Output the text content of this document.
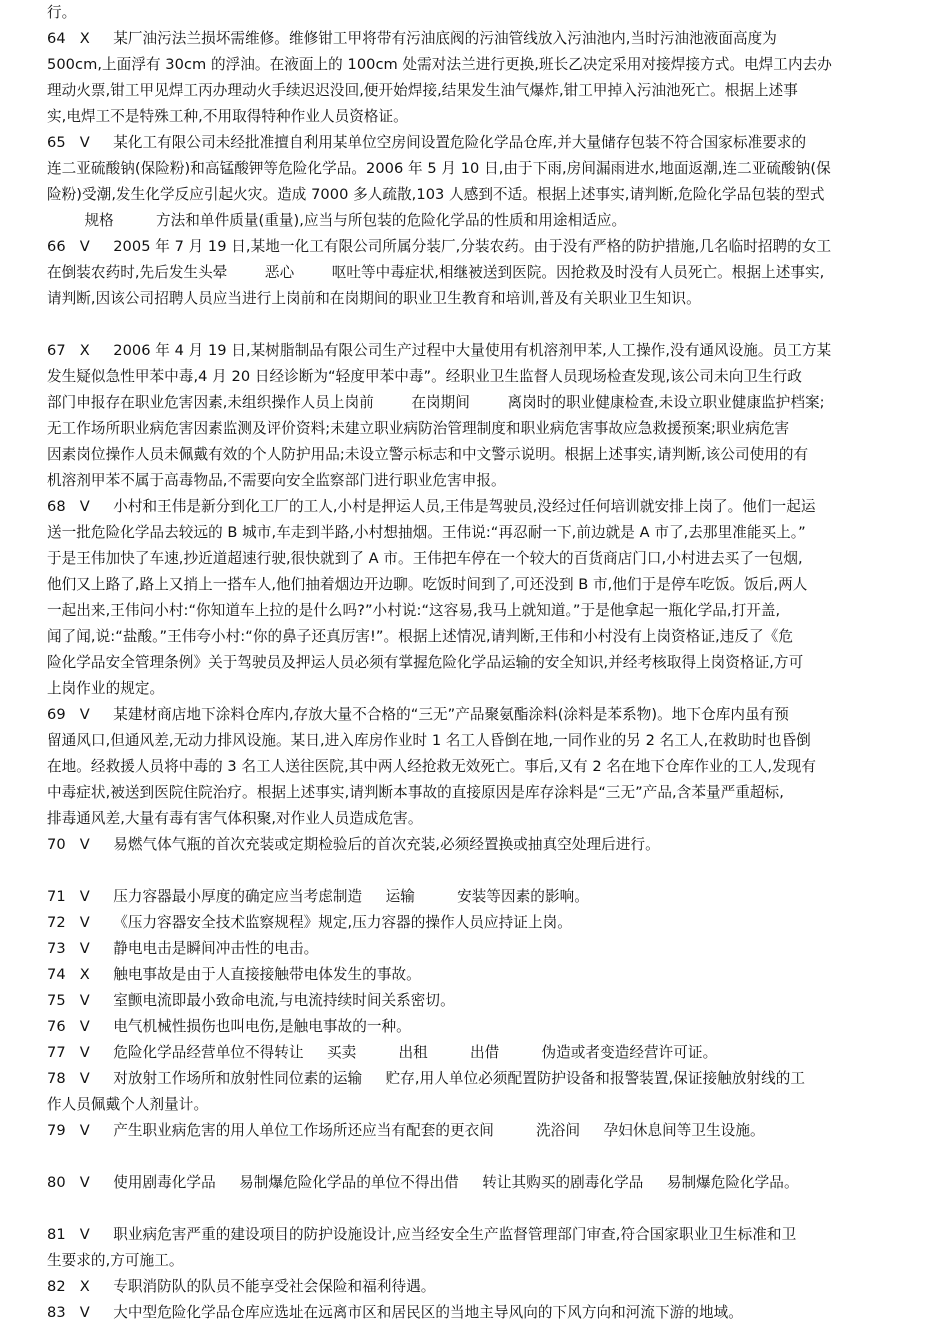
行。
64   X     某厂油污法兰损坏需维修。维修钳工甲将带有污油底阀的污油管线放入污油池内,当时污油池液面高度为
500cm,上面浮有 30cm 的浮油。在液面上的 100cm 处需对法兰进行更换,班长乙决定采用对接焊接方式。电焊工内去办
理动火票,钳工甲见焊工丙办理动火手续迟迟没回,便开始焊接,结果发生油气爆炸,钳工甲掉入污油池死亡。根据上述事
实,电焊工不是特殊工种,不用取得特种作业人员资格证。
65   V     某化工有限公司未经批准擅自利用某单位空房间设置危险化学品仓库,并大量储存包装不符合国家标准要求的
连二亚硫酸钠(保险粉)和高锰酸钾等危险化学品。2006 年 5 月 10 日,由于下雨,房间漏雨进水,地面返潮,连二亚硫酸钠(保
险粉)受潮,发生化学反应引起火灾。造成 7000 多人疏散,103 人感到不适。根据上述事实,请判断,危险化学品包装的型式
规格         方法和单件质量(重量),应当与所包装的危险化学品的性质和用途相适应。
66   V     2005 年 7 月 19 日,某地一化工有限公司所属分装厂,分装农药。由于没有严格的防护措施,几名临时招聘的女工
在倒装农药时,先后发生头晕        恶心        呕吐等中毒症状,相继被送到医院。因抢救及时没有人员死亡。根据上述事实,
请判断,因该公司招聘人员应当进行上岗前和在岗期间的职业卫生教育和培训,普及有关职业卫生知识。
67   X     2006 年 4 月 19 日,某树脂制品有限公司生产过程中大量使用有机溶剂甲苯,人工操作,没有通风设施。员工方某
发生疑似急性甲苯中毒,4 月 20 日经诊断为“轻度甲苯中毒”。经职业卫生监督人员现场检查发现,该公司未向卫生行政
部门申报存在职业危害因素,未组织操作人员上岗前        在岗期间        离岗时的职业健康检查,未设立职业健康监护档案;
无工作场所职业病危害因素监测及评价资料;未建立职业病防治管理制度和职业病危害事故应急救援预案;职业病危害
因素岗位操作人员未佩戴有效的个人防护用品;未设立警示标志和中文警示说明。根据上述事实,请判断,该公司使用的有
机溶剂甲苯不属于高毒物品,不需要向安全监察部门进行职业危害申报。
68   V     小村和王伟是新分到化工厂的工人,小村是押运人员,王伟是驾驶员,没经过任何培训就安排上岗了。他们一起运
送一批危险化学品去较远的 B 城市,车走到半路,小村想抽烟。王伟说:“再忍耐一下,前边就是 A 市了,去那里准能买上。”
于是王伟加快了车速,抄近道超速行驶,很快就到了 A 市。王伟把车停在一个较大的百货商店门口,小村进去买了一包烟,
他们又上路了,路上又捎上一搭车人,他们抽着烟边开边聊。吃饭时间到了,可还没到 B 市,他们于是停车吃饭。饭后,两人
一起出来,王伟问小村:“你知道车上拉的是什么吗?”小村说:“这容易,我马上就知道。”于是他拿起一瓶化学品,打开盖,
闻了闻,说:“盐酸。”王伟夸小村:“你的鼻子还真厉害!”。根据上述情况,请判断,王伟和小村没有上岗资格证,违反了《危
险化学品安全管理条例》关于驾驶员及押运人员必须有掌握危险化学品运输的安全知识,并经考核取得上岗资格证,方可
上岗作业的规定。
69   V     某建材商店地下涂料仓库内,存放大量不合格的“三无”产品聚氨酯涂料(涂料是苯系物)。地下仓库内虽有预
留通风口,但通风差,无动力排风设施。某日,进入库房作业时 1 名工人昏倒在地,一同作业的另 2 名工人,在救助时也昏倒
在地。经救援人员将中毒的 3 名工人送往医院,其中两人经抢救无效死亡。事后,又有 2 名在地下仓库作业的工人,发现有
中毒症状,被送到医院住院治疗。根据上述事实,请判断本事故的直接原因是库存涂料是“三无”产品,含苯量严重超标,
排毒通风差,大量有毒有害气体积聚,对作业人员造成危害。
70   V     易燃气体气瓶的首次充装或定期检验后的首次充装,必须经置换或抽真空处理后进行。
71   V     压力容器最小厚度的确定应当考虑制造     运输         安装等因素的影响。
72   V     《压力容器安全技术监察规程》规定,压力容器的操作人员应持证上岗。
73   V     静电电击是瞬间冲击性的电击。
74   X     触电事故是由于人直接接触带电体发生的事故。
75   V     室颤电流即最小致命电流,与电流持续时间关系密切。
76   V     电气机械性损伤也叫电伤,是触电事故的一种。
77   V     危险化学品经营单位不得转让     买卖         出租         出借         伪造或者变造经营许可证。
78   V     对放射工作场所和放射性同位素的运输     贮存,用人单位必须配置防护设备和报警装置,保证接触放射线的工
作人员佩戴个人剂量计。
79   V     产生职业病危害的用人单位工作场所还应当有配套的更衣间         洗浴间     孕妇休息间等卫生设施。
80   V     使用剧毒化学品     易制爆危险化学品的单位不得出借     转让其购买的剧毒化学品     易制爆危险化学品。
81   V     职业病危害严重的建设项目的防护设施设计,应当经安全生产监督管理部门审查,符合国家职业卫生标准和卫
生要求的,方可施工。
82   X     专职消防队的队员不能享受社会保险和福利待遇。
83   V     大中型危险化学品仓库应选址在远离市区和居民区的当地主导风向的下风方向和河流下游的地域。
